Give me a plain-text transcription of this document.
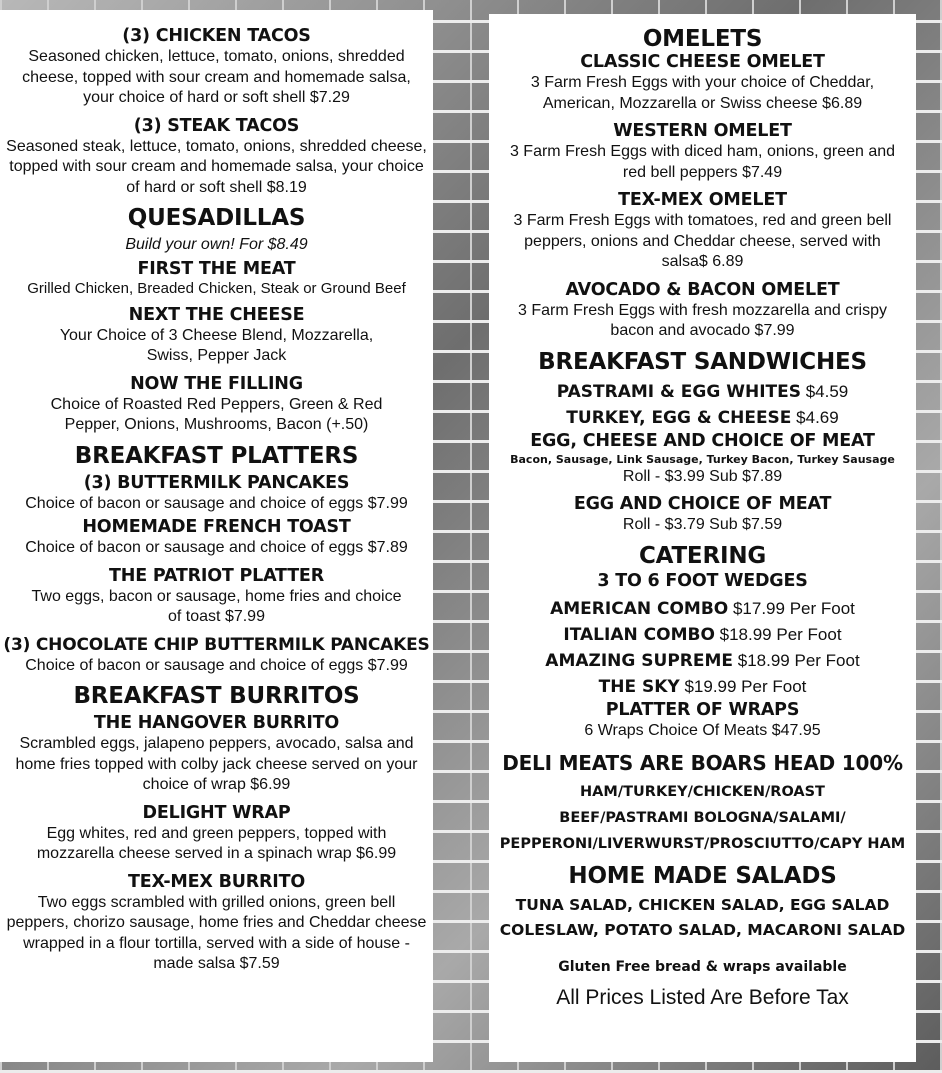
(3) CHICKEN TACOS
Seasoned chicken, lettuce, tomato, onions, shredded cheese, topped with sour cream and homemade salsa, your choice of hard or soft shell $7.29
(3) STEAK TACOS
Seasoned steak, lettuce, tomato, onions, shredded cheese, topped with sour cream and homemade salsa, your choice of hard or soft shell $8.19
QUESADILLAS
Build your own! For $8.49
FIRST THE MEAT
Grilled Chicken, Breaded Chicken, Steak or Ground Beef
NEXT THE CHEESE
Your Choice of 3 Cheese Blend, Mozzarella, Swiss, Pepper Jack
NOW THE FILLING
Choice of Roasted Red Peppers, Green & Red Pepper, Onions, Mushrooms, Bacon (+.50)
BREAKFAST PLATTERS
(3) BUTTERMILK PANCAKES
Choice of bacon or sausage and choice of eggs $7.99
HOMEMADE FRENCH TOAST
Choice of bacon or sausage and choice of eggs $7.89
THE PATRIOT PLATTER
Two eggs, bacon or sausage, home fries and choice of toast $7.99
(3) CHOCOLATE CHIP BUTTERMILK PANCAKES
Choice of bacon or sausage and choice of eggs $7.99
BREAKFAST BURRITOS
THE HANGOVER BURRITO
Scrambled eggs, jalapeno peppers, avocado, salsa and home fries topped with colby jack cheese served on your choice of wrap $6.99
DELIGHT WRAP
Egg whites, red and green peppers, topped with mozzarella cheese served in a spinach wrap $6.99
TEX-MEX BURRITO
Two eggs scrambled with grilled onions, green bell peppers, chorizo sausage, home fries and Cheddar cheese wrapped in a flour tortilla, served with a side of house - made salsa $7.59
OMELETS
CLASSIC CHEESE OMELET
3 Farm Fresh Eggs with your choice of Cheddar, American, Mozzarella or Swiss cheese $6.89
WESTERN OMELET
3 Farm Fresh Eggs with diced ham, onions, green and red bell peppers $7.49
TEX-MEX OMELET
3 Farm Fresh Eggs with tomatoes, red and green bell peppers, onions and Cheddar cheese, served with salsa$ 6.89
AVOCADO & BACON OMELET
3 Farm Fresh Eggs with fresh mozzarella and crispy bacon and avocado $7.99
BREAKFAST SANDWICHES
PASTRAMI & EGG WHITES $4.59
TURKEY, EGG & CHEESE $4.69
EGG, CHEESE AND CHOICE OF MEAT
Bacon, Sausage, Link Sausage, Turkey Bacon, Turkey Sausage
Roll - $3.99 Sub $7.89
EGG AND CHOICE OF MEAT
Roll - $3.79 Sub $7.59
CATERING
3 TO 6 FOOT WEDGES
AMERICAN COMBO $17.99 Per Foot
ITALIAN COMBO $18.99 Per Foot
AMAZING SUPREME $18.99 Per Foot
THE SKY $19.99 Per Foot
PLATTER OF WRAPS
6 Wraps Choice Of Meats $47.95
DELI MEATS ARE BOARS HEAD 100%
HAM/TURKEY/CHICKEN/ROAST
BEEF/PASTRAMI BOLOGNA/SALAMI/
PEPPERONI/LIVERWURST/PROSCIUTTO/CAPY HAM
HOME MADE SALADS
TUNA SALAD, CHICKEN SALAD, EGG SALAD
COLESLAW, POTATO SALAD, MACARONI SALAD
Gluten Free bread & wraps available
All Prices Listed Are Before Tax
